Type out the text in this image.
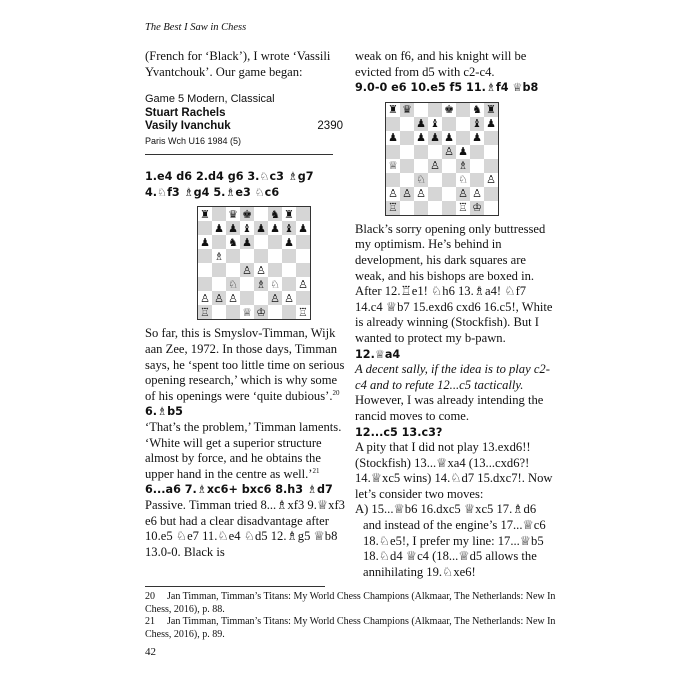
The Best I Saw in Chess

(French for ‘Black’), I wrote ‘Vassili Yvantchouk’. Our game began:

Game 5 Modern, Classical
Stuart Rachels
Vasily Ivanchuk	2390
Paris Wch U16 1984 (5)

1.e4 d6 2.d4 g6 3.♘c3 ♗g7 4.♘f3 ♗g4 5.♗e3 ♘c6

♜ ♛ ♚ ♞ ♜
♟ ♟ ♝ ♟ ♟ ♝ ♟
♟ ♞ ♟	♟
♗
♙ ♙
♘ ♗ ♘ ♙
♙ ♙ ♙	♙ ♙
♖	♕ ♔	♖

So far, this is Smyslov-Timman, Wijk aan Zee, 1972. In those days, Timman says, he ‘spent too little time on serious opening research,’ which is why some of his openings were ‘quite dubious’.$^{20}$

6.♗b5

‘That’s the problem,’ Timman laments. ‘White will get a superior structure almost by force, and he obtains the upper hand in the centre as well.’$^{21}$

6...a6 7.♗xc6+ bxc6 8.h3 ♗d7

Passive. Timman tried 8...♗xf3 9.♕xf3 e6 but had a clear disadvantage after 10.e5 ♘e7 11.♘e4 ♘d5 12.♗g5 ♕b8 13.0-0. Black is

weak on f6, and his knight will be evicted from d5 with c2-c4.

9.0-0 e6 10.e5 f5 11.♗f4 ♕b8

♜ ♛	♚ ♞ ♜
♟ ♝	♝ ♟
♟ ♟ ♟ ♟ ♟
♙ ♟
♕	♙ ♗
♘	♘ ♙
♙ ♙ ♙	♙ ♙
♖	♖ ♔

Black’s sorry opening only buttressed my optimism. He’s behind in development, his dark squares are weak, and his bishops are boxed in. After 12.♖e1! ♘h6 13.♗a4! ♘f7 14.c4 ♕b7 15.exd6 cxd6 16.c5!, White is already winning (Stockfish). But I wanted to protect my b-pawn.

12.♕a4

A decent sally, if the idea is to play c2-c4 and to refute 12...c5 tactically.

However, I was already intending the rancid moves to come.

12...c5 13.c3?

A pity that I did not play 13.exd6!! (Stockfish) 13...♕xa4 (13...cxd6?! 14.♕xc5 wins) 14.♘d7 15.dxc7!. Now let’s consider two moves:

A) 15...♕b6 16.dxc5 ♕xc5 17.♗d6 and instead of the engine’s 17...♕c6 18.♘e5!, I prefer my line: 17...♕b5 18.♘d4 ♕c4 (18...♕d5 allows the annihilating 19.♘xe6!

20 Jan Timman, Timman’s Titans: My World Chess Champions (Alkmaar, The Netherlands: New In Chess, 2016), p. 88.

21 Jan Timman, Timman’s Titans: My World Chess Champions (Alkmaar, The Netherlands: New In Chess, 2016), p. 89.

42
